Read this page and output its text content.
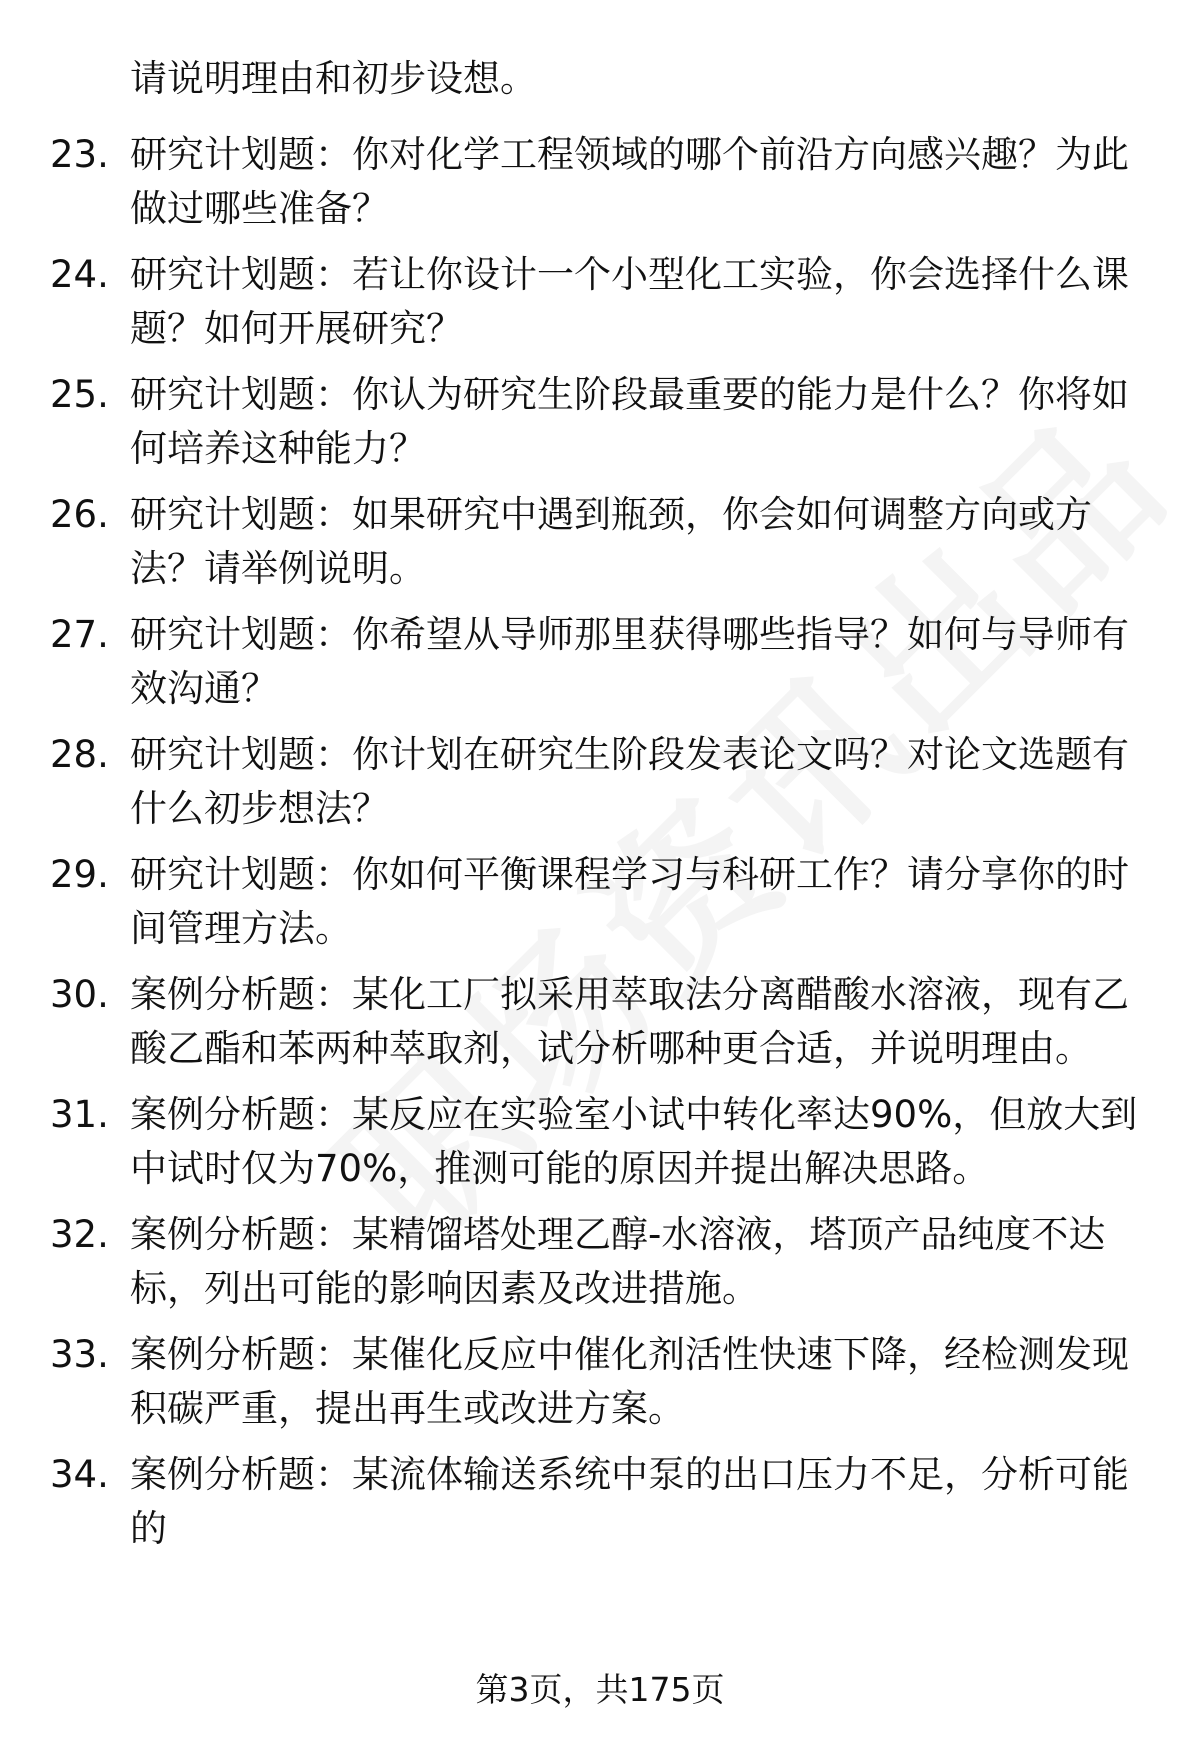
请说明理由和初步设想。

23. 研究计划题：你对化学工程领域的哪个前沿方向感兴趣？为此做过哪些准备？

24. 研究计划题：若让你设计一个小型化工实验，你会选择什么课题？如何开展研究？

25. 研究计划题：你认为研究生阶段最重要的能力是什么？你将如何培养这种能力？

26. 研究计划题：如果研究中遇到瓶颈，你会如何调整方向或方法？请举例说明。

27. 研究计划题：你希望从导师那里获得哪些指导？如何与导师有效沟通？

28. 研究计划题：你计划在研究生阶段发表论文吗？对论文选题有什么初步想法？

29. 研究计划题：你如何平衡课程学习与科研工作？请分享你的时间管理方法。

30. 案例分析题：某化工厂拟采用萃取法分离醋酸水溶液，现有乙酸乙酯和苯两种萃取剂，试分析哪种更合适，并说明理由。

31. 案例分析题：某反应在实验室小试中转化率达90%，但放大到中试时仅为70%，推测可能的原因并提出解决思路。

32. 案例分析题：某精馏塔处理乙醇-水溶液，塔顶产品纯度不达标，列出可能的影响因素及改进措施。

33. 案例分析题：某催化反应中催化剂活性快速下降，经检测发现积碳严重，提出再生或改进方案。

34. 案例分析题：某流体输送系统中泵的出口压力不足，分析可能的

第3页，共175页
